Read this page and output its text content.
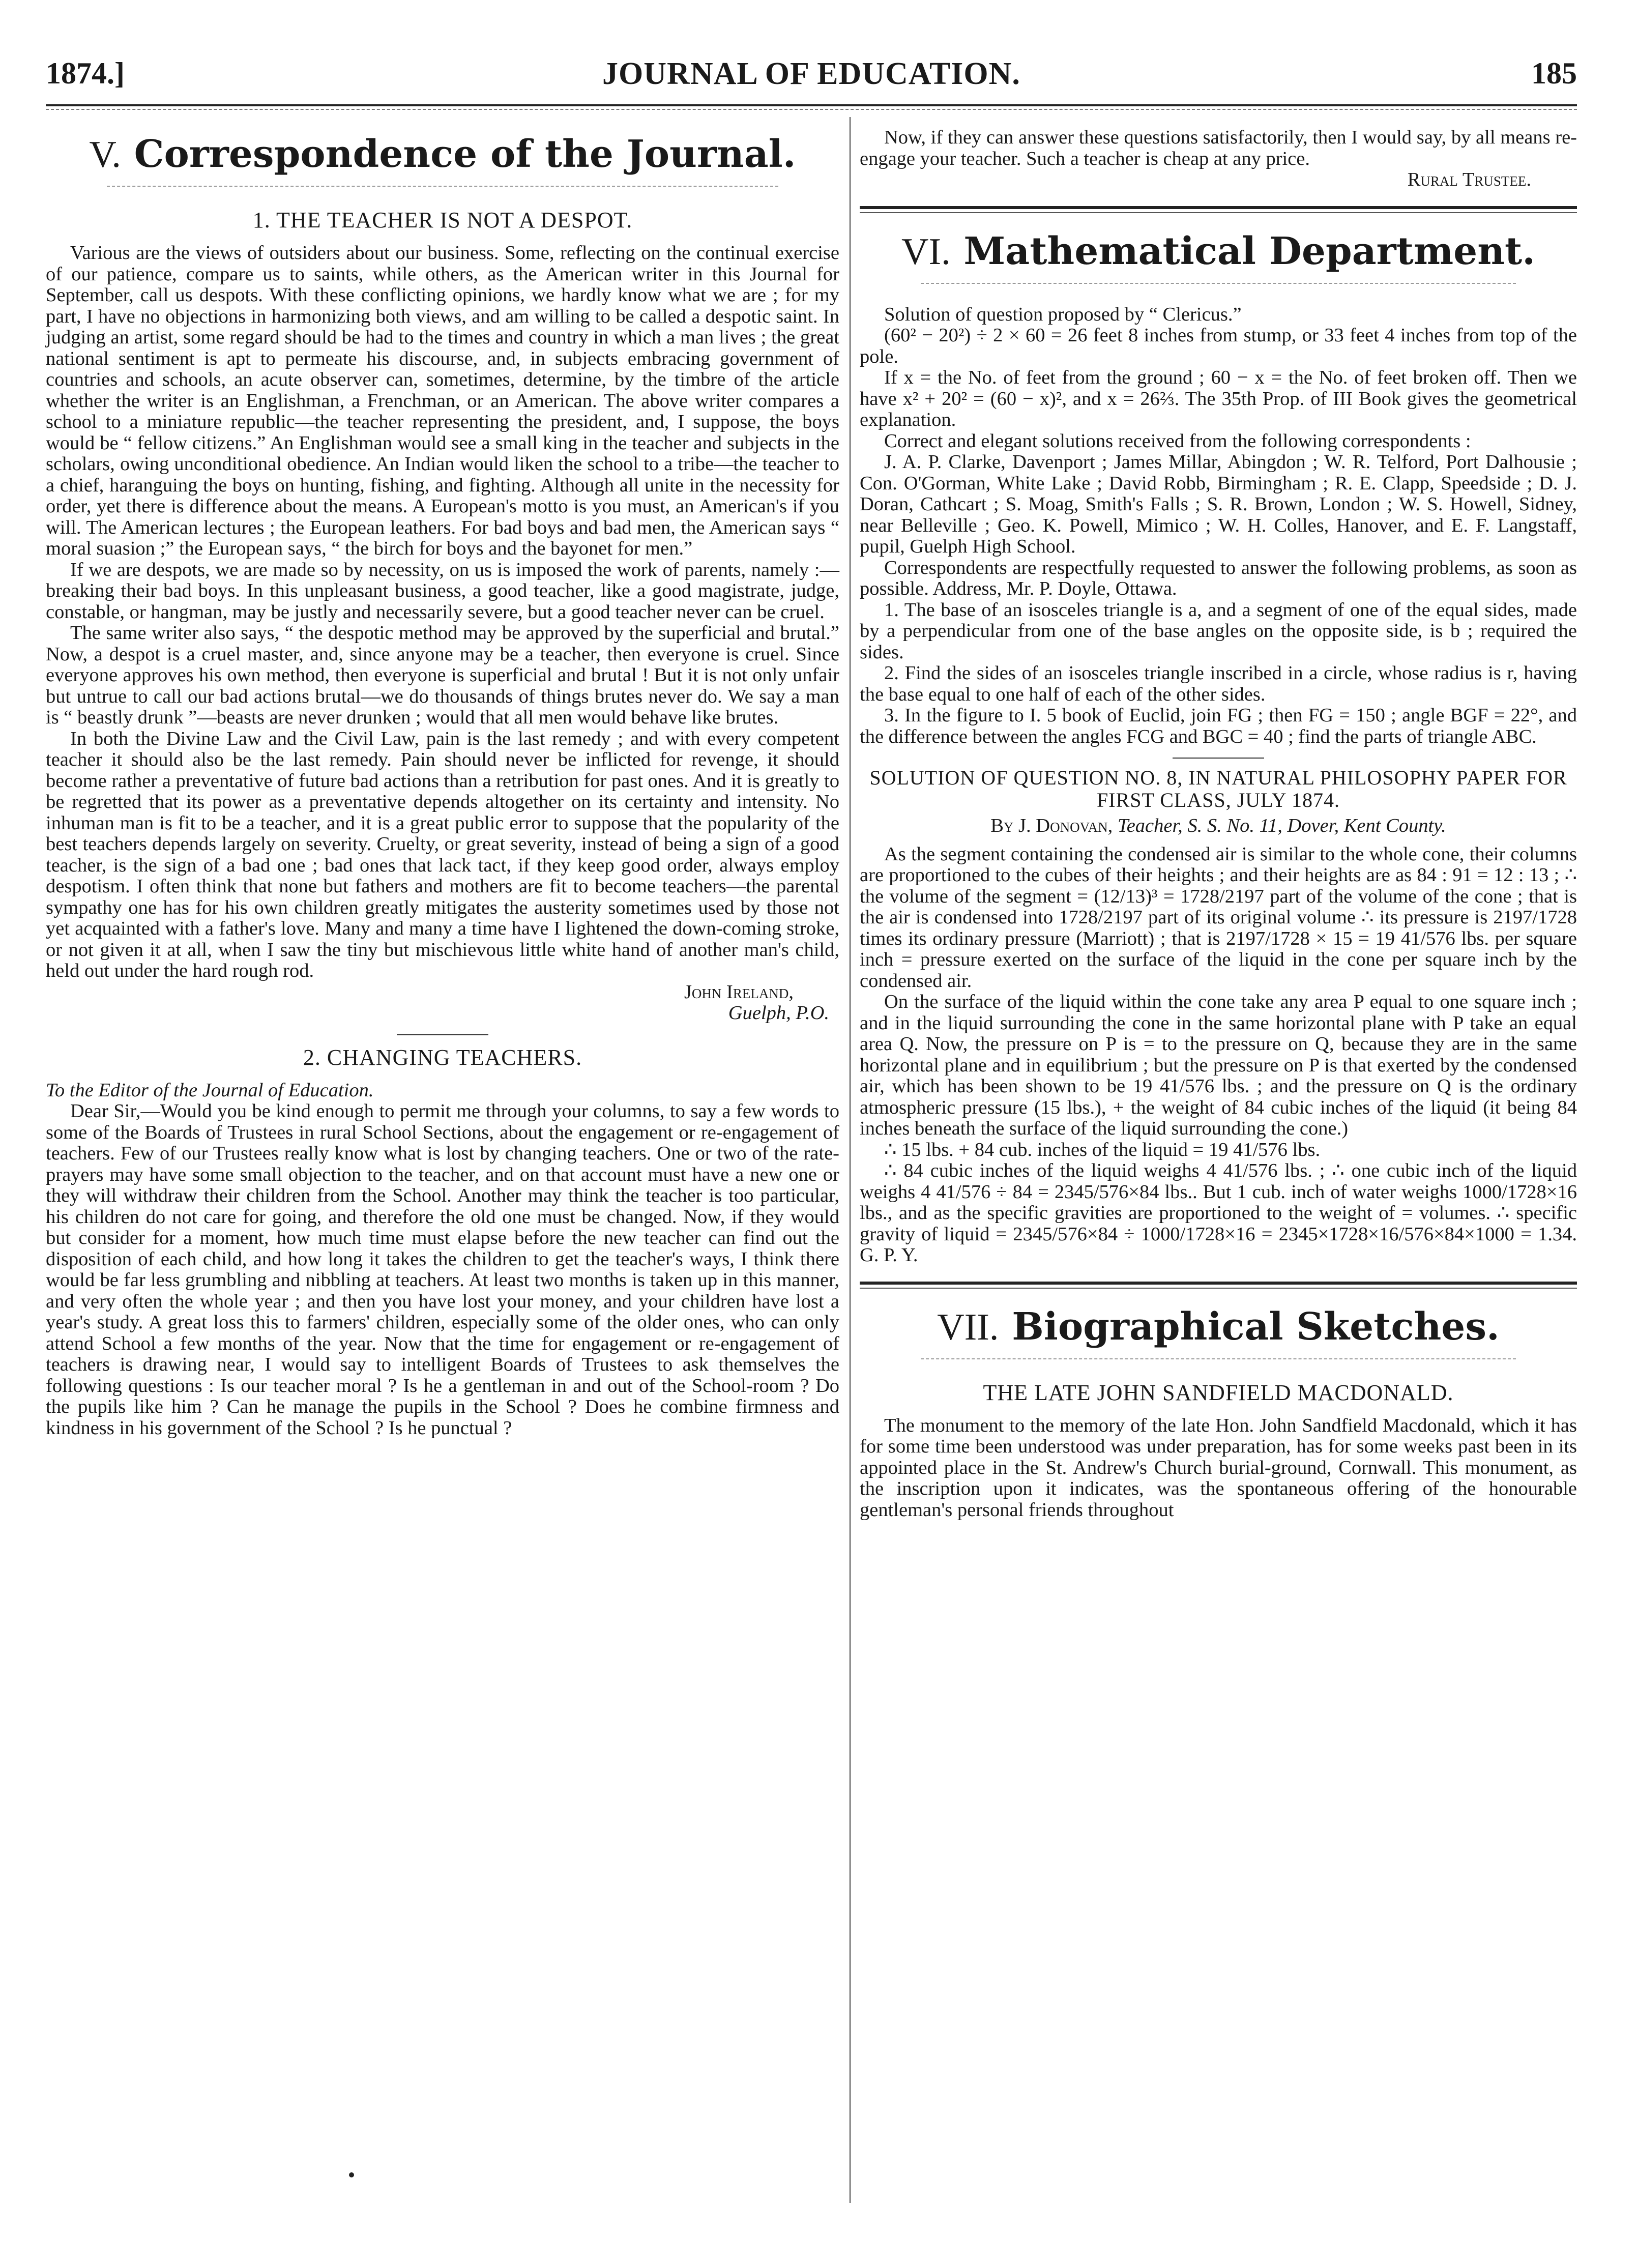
1874.]	JOURNAL OF EDUCATION.	185
V. Correspondence of the Journal.
1. THE TEACHER IS NOT A DESPOT.

Various are the views of outsiders about our business. Some, reflecting on the continual exercise of our patience, compare us to saints, while others, as the American writer in this Journal for September, call us despots. With these conflicting opinions, we hardly know what we are ; for my part, I have no objections in harmonizing both views, and am willing to be called a despotic saint. In judging an artist, some regard should be had to the times and country in which a man lives ; the great national sentiment is apt to permeate his discourse, and, in subjects embracing government of countries and schools, an acute observer can, sometimes, determine, by the timbre of the article whether the writer is an Englishman, a Frenchman, or an American. The above writer compares a school to a miniature republic—the teacher representing the president, and, I suppose, the boys would be “ fellow citizens.” An Englishman would see a small king in the teacher and subjects in the scholars, owing unconditional obedience. An Indian would liken the school to a tribe—the teacher to a chief, haranguing the boys on hunting, fishing, and fighting. Although all unite in the necessity for order, yet there is difference about the means. A European's motto is you must, an American's if you will. The American lectures ; the European leathers. For bad boys and bad men, the American says “ moral suasion ;” the European says, “ the birch for boys and the bayonet for men.”

If we are despots, we are made so by necessity, on us is imposed the work of parents, namely :—breaking their bad boys. In this unpleasant business, a good teacher, like a good magistrate, judge, constable, or hangman, may be justly and necessarily severe, but a good teacher never can be cruel.

The same writer also says, “ the despotic method may be approved by the superficial and brutal.” Now, a despot is a cruel master, and, since anyone may be a teacher, then everyone is cruel. Since everyone approves his own method, then everyone is superficial and brutal ! But it is not only unfair but untrue to call our bad actions brutal—we do thousands of things brutes never do. We say a man is “ beastly drunk ”—beasts are never drunken ; would that all men would behave like brutes.

In both the Divine Law and the Civil Law, pain is the last remedy ; and with every competent teacher it should also be the last remedy. Pain should never be inflicted for revenge, it should become rather a preventative of future bad actions than a retribution for past ones. And it is greatly to be regretted that its power as a preventative depends altogether on its certainty and intensity. No inhuman man is fit to be a teacher, and it is a great public error to suppose that the popularity of the best teachers depends largely on severity. Cruelty, or great severity, instead of being a sign of a good teacher, is the sign of a bad one ; bad ones that lack tact, if they keep good order, always employ despotism. I often think that none but fathers and mothers are fit to become teachers—the parental sympathy one has for his own children greatly mitigates the austerity sometimes used by those not yet acquainted with a father's love. Many and many a time have I lightened the down-coming stroke, or not given it at all, when I saw the tiny but mischievous little white hand of another man's child, held out under the hard rough rod.

John Ireland,
Guelph, P.O.
2. CHANGING TEACHERS.

To the Editor of the Journal of Education.

Dear Sir,—Would you be kind enough to permit me through your columns, to say a few words to some of the Boards of Trustees in rural School Sections, about the engagement or re-engagement of teachers. Few of our Trustees really know what is lost by changing teachers. One or two of the rate-prayers may have some small objection to the teacher, and on that account must have a new one or they will withdraw their children from the School. Another may think the teacher is too particular, his children do not care for going, and therefore the old one must be changed. Now, if they would but consider for a moment, how much time must elapse before the new teacher can find out the disposition of each child, and how long it takes the children to get the teacher's ways, I think there would be far less grumbling and nibbling at teachers. At least two months is taken up in this manner, and very often the whole year ; and then you have lost your money, and your children have lost a year's study. A great loss this to farmers' children, especially some of the older ones, who can only attend School a few months of the year. Now that the time for engagement or re-engagement of teachers is drawing near, I would say to intelligent Boards of Trustees to ask themselves the following questions : Is our teacher moral ? Is he a gentleman in and out of the School-room ? Do the pupils like him ? Can he manage the pupils in the School ? Does he combine firmness and kindness in his government of the School ? Is he punctual ?

Now, if they can answer these questions satisfactorily, then I would say, by all means re-engage your teacher. Such a teacher is cheap at any price.

Rural Trustee.
VI. Mathematical Department.

Solution of question proposed by “ Clericus.”

(60² − 20²) ÷ 2 × 60 = 26 feet 8 inches from stump, or 33 feet 4 inches from top of the pole.

If x = the No. of feet from the ground ; 60 − x = the No. of feet broken off. Then we have x² + 20² = (60 − x)², and x = 26⅔. The 35th Prop. of III Book gives the geometrical explanation.

Correct and elegant solutions received from the following correspondents :

J. A. P. Clarke, Davenport ; James Millar, Abingdon ; W. R. Telford, Port Dalhousie ; Con. O'Gorman, White Lake ; David Robb, Birmingham ; R. E. Clapp, Speedside ; D. J. Doran, Cathcart ; S. Moag, Smith's Falls ; S. R. Brown, London ; W. S. Howell, Sidney, near Belleville ; Geo. K. Powell, Mimico ; W. H. Colles, Hanover, and E. F. Langstaff, pupil, Guelph High School.

Correspondents are respectfully requested to answer the following problems, as soon as possible. Address, Mr. P. Doyle, Ottawa.

1. The base of an isosceles triangle is a, and a segment of one of the equal sides, made by a perpendicular from one of the base angles on the opposite side, is b ; required the sides.

2. Find the sides of an isosceles triangle inscribed in a circle, whose radius is r, having the base equal to one half of each of the other sides.

3. In the figure to I. 5 book of Euclid, join FG ; then FG = 150 ; angle BGF = 22°, and the difference between the angles FCG and BGC = 40 ; find the parts of triangle ABC.

SOLUTION OF QUESTION NO. 8, IN NATURAL PHILOSOPHY PAPER FOR FIRST CLASS, JULY 1874.
By J. Donovan, Teacher, S. S. No. 11, Dover, Kent County.

As the segment containing the condensed air is similar to the whole cone, their columns are proportioned to the cubes of their heights ; and their heights are as 84 : 91 = 12 : 13 ; ∴ the volume of the segment = (12/13)³ = 1728/2197 part of the volume of the cone ; that is the air is condensed into 1728/2197 part of its original volume ∴ its pressure is 2197/1728 times its ordinary pressure (Marriott) ; that is 2197/1728 × 15 = 19 41/576 lbs. per square inch = pressure exerted on the surface of the liquid in the cone per square inch by the condensed air.

On the surface of the liquid within the cone take any area P equal to one square inch ; and in the liquid surrounding the cone in the same horizontal plane with P take an equal area Q. Now, the pressure on P is = to the pressure on Q, because they are in the same horizontal plane and in equilibrium ; but the pressure on P is that exerted by the condensed air, which has been shown to be 19 41/576 lbs. ; and the pressure on Q is the ordinary atmospheric pressure (15 lbs.), + the weight of 84 cubic inches of the liquid (it being 84 inches beneath the surface of the liquid surrounding the cone.)

∴ 15 lbs. + 84 cub. inches of the liquid = 19 41/576 lbs.

∴ 84 cubic inches of the liquid weighs 4 41/576 lbs. ; ∴ one cubic inch of the liquid weighs 4 41/576 ÷ 84 = 2345/576×84 lbs.. But 1 cub. inch of water weighs 1000/1728×16 lbs., and as the specific gravities are proportioned to the weight of = volumes. ∴ specific gravity of liquid = 2345/576×84 ÷ 1000/1728×16 = 2345×1728×16/576×84×1000 = 1.34. G. P. Y.

VII. Biographical Sketches.
THE LATE JOHN SANDFIELD MACDONALD.

The monument to the memory of the late Hon. John Sandfield Macdonald, which it has for some time been understood was under preparation, has for some weeks past been in its appointed place in the St. Andrew's Church burial-ground, Cornwall. This monument, as the inscription upon it indicates, was the spontaneous offering of the honourable gentleman's personal friends throughout
